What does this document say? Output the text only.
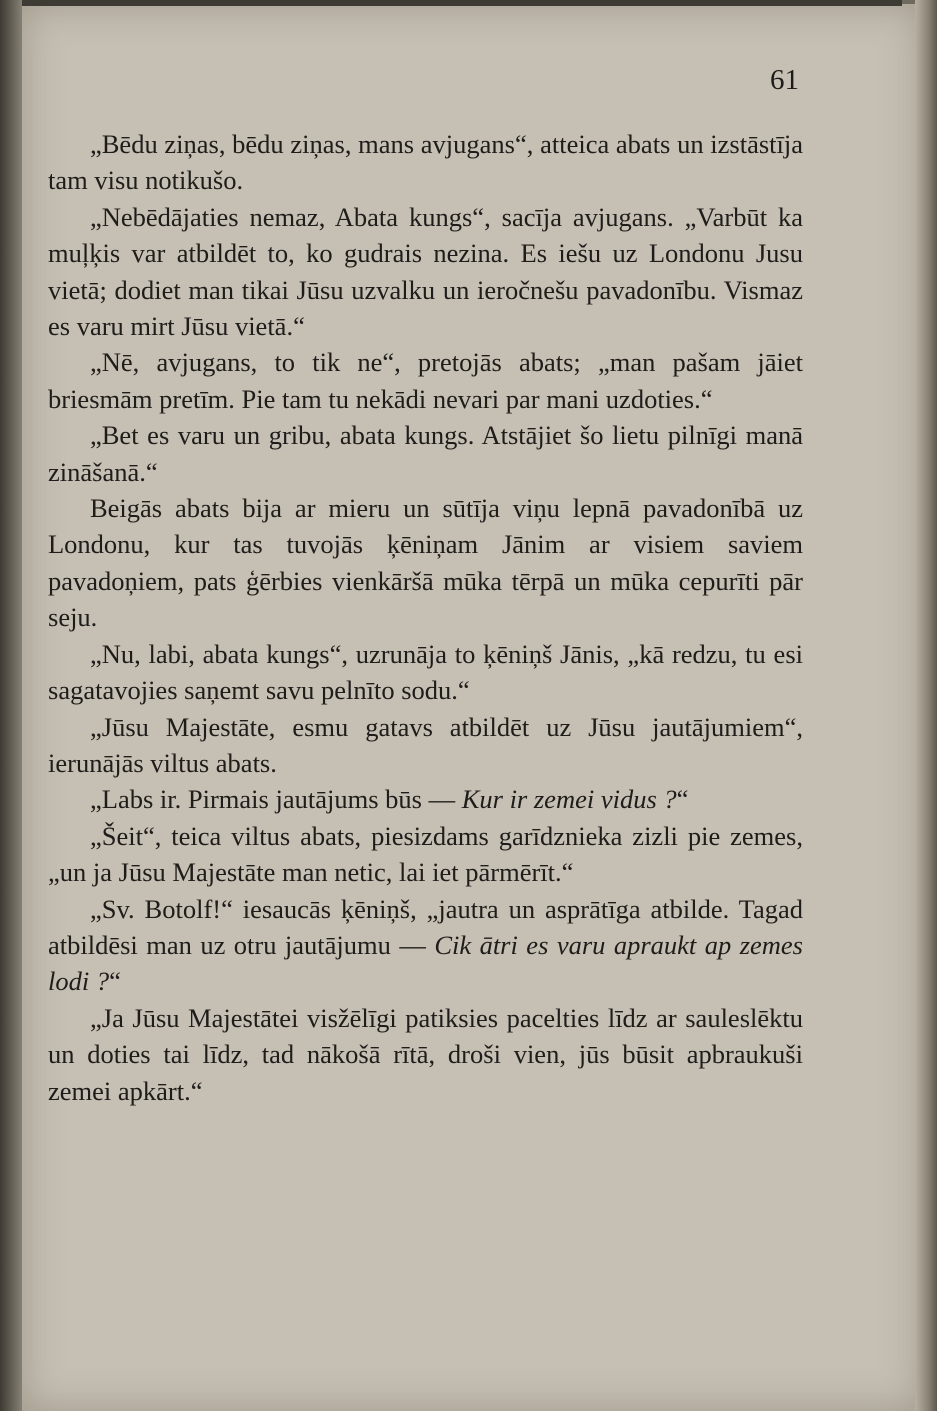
61

„Bēdu ziņas, bēdu ziņas, mans avjugans“, atteica abats un izstāstīja tam visu notikušo.

„Nebēdājaties nemaz, Abata kungs“, sacīja avjugans. „Varbūt ka muļķis var atbildēt to, ko gudrais nezina. Es iešu uz Londonu Jusu vietā; dodiet man tikai Jūsu uzvalku un ieročnešu pavadonību. Vismaz es varu mirt Jūsu vietā.“

„Nē, avjugans, to tik ne“, pretojās abats; „man pašam jāiet briesmām pretīm. Pie tam tu nekādi nevari par mani uzdoties.“

„Bet es varu un gribu, abata kungs. Atstājiet šo lietu pilnīgi manā zināšanā.“

Beigās abats bija ar mieru un sūtīja viņu lepnā pavadonībā uz Londonu, kur tas tuvojās ķēniņam Jānim ar visiem saviem pavadoņiem, pats ģērbies vienkāršā mūka tērpā un mūka cepurīti pār seju.

„Nu, labi, abata kungs“, uzrunāja to ķēniņš Jānis, „kā redzu, tu esi sagatavojies saņemt savu pelnīto sodu.“

„Jūsu Majestāte, esmu gatavs atbildēt uz Jūsu jautājumiem“, ierunājās viltus abats.

„Labs ir. Pirmais jautājums būs — Kur ir zemei vidus ?“

„Šeit“, teica viltus abats, piesizdams garīdznieka zizli pie zemes, „un ja Jūsu Majestāte man netic, lai iet pārmērīt.“

„Sv. Botolf!“ iesaucās ķēniņš, „jautra un asprātīga atbilde. Tagad atbildēsi man uz otru jautājumu — Cik ātri es varu apraukt ap zemes lodi ?“

„Ja Jūsu Majestātei visžēlīgi patiksies pacelties līdz ar sauleslēktu un doties tai līdz, tad nākošā rītā, droši vien, jūs būsit apbraukuši zemei apkārt.“
